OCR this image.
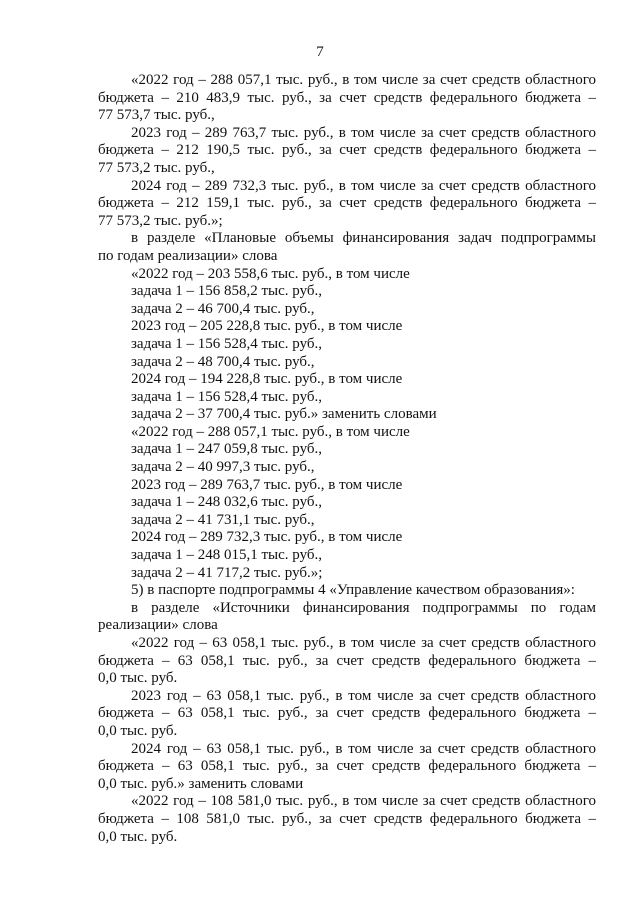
7
«2022 год – 288 057,1 тыс. руб., в том числе за счет средств областного
бюджета – 210 483,9 тыс. руб., за счет средств федерального бюджета –
77 573,7 тыс. руб.,
2023 год – 289 763,7 тыс. руб., в том числе за счет средств областного
бюджета – 212 190,5 тыс. руб., за счет средств федерального бюджета –
77 573,2 тыс. руб.,
2024 год – 289 732,3 тыс. руб., в том числе за счет средств областного
бюджета – 212 159,1 тыс. руб., за счет средств федерального бюджета –
77 573,2 тыс. руб.»;
в разделе «Плановые объемы финансирования задач подпрограммы
по годам реализации» слова
«2022 год – 203 558,6 тыс. руб., в том числе
задача 1 – 156 858,2 тыс. руб.,
задача 2 – 46 700,4 тыс. руб.,
2023 год – 205 228,8 тыс. руб., в том числе
задача 1 – 156 528,4 тыс. руб.,
задача 2 – 48 700,4 тыс. руб.,
2024 год – 194 228,8 тыс. руб., в том числе
задача 1 – 156 528,4 тыс. руб.,
задача 2 – 37 700,4 тыс. руб.» заменить словами
«2022 год – 288 057,1 тыс. руб., в том числе
задача 1 – 247 059,8 тыс. руб.,
задача 2 – 40 997,3 тыс. руб.,
2023 год – 289 763,7 тыс. руб., в том числе
задача 1 – 248 032,6 тыс. руб.,
задача 2 – 41 731,1 тыс. руб.,
2024 год – 289 732,3 тыс. руб., в том числе
задача 1 – 248 015,1 тыс. руб.,
задача 2 – 41 717,2 тыс. руб.»;
5) в паспорте подпрограммы 4 «Управление качеством образования»:
в разделе «Источники финансирования подпрограммы по годам
реализации» слова
«2022 год – 63 058,1 тыс. руб., в том числе за счет средств областного
бюджета – 63 058,1 тыс. руб., за счет средств федерального бюджета –
0,0 тыс. руб.
2023 год – 63 058,1 тыс. руб., в том числе за счет средств областного
бюджета – 63 058,1 тыс. руб., за счет средств федерального бюджета –
0,0 тыс. руб.
2024 год – 63 058,1 тыс. руб., в том числе за счет средств областного
бюджета – 63 058,1 тыс. руб., за счет средств федерального бюджета –
0,0 тыс. руб.» заменить словами
«2022 год – 108 581,0 тыс. руб., в том числе за счет средств областного
бюджета – 108 581,0 тыс. руб., за счет средств федерального бюджета –
0,0 тыс. руб.
